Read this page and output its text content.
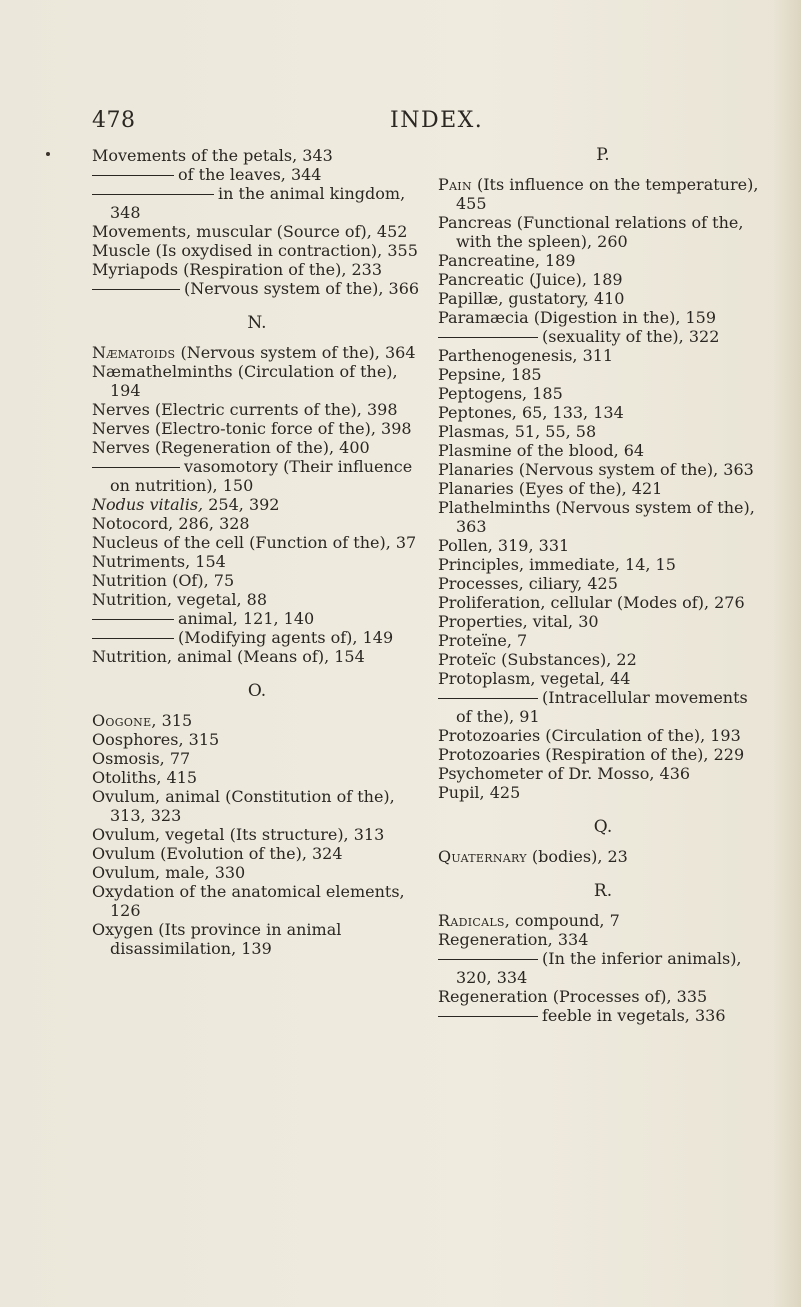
478	INDEX.

Movements of the petals, 343

of the leaves, 344

in the animal kingdom, 348

Movements, muscular (Source of), 452

Muscle (Is oxydised in contraction), 355

Myriapods (Respiration of the), 233

(Nervous system of the), 366

N.

Næmatoids (Nervous system of the), 364

Næmathelminths (Circulation of the), 194

Nerves (Electric currents of the), 398

Nerves (Electro-tonic force of the), 398

Nerves (Regeneration of the), 400

vasomotory (Their influence on nutrition), 150

Nodus vitalis, 254, 392

Notocord, 286, 328

Nucleus of the cell (Function of the), 37

Nutriments, 154

Nutrition (Of), 75

Nutrition, vegetal, 88

animal, 121, 140

(Modifying agents of), 149

Nutrition, animal (Means of), 154

O.

Oogone, 315

Oosphores, 315

Osmosis, 77

Otoliths, 415

Ovulum, animal (Constitution of the), 313, 323

Ovulum, vegetal (Its structure), 313

Ovulum (Evolution of the), 324

Ovulum, male, 330

Oxydation of the anatomical elements, 126

Oxygen (Its province in animal disassimilation, 139

P.

Pain (Its influence on the temperature), 455

Pancreas (Functional relations of the, with the spleen), 260

Pancreatine, 189

Pancreatic (Juice), 189

Papillæ, gustatory, 410

Paramæcia (Digestion in the), 159

(sexuality of the), 322

Parthenogenesis, 311

Pepsine, 185

Peptogens, 185

Peptones, 65, 133, 134

Plasmas, 51, 55, 58

Plasmine of the blood, 64

Planaries (Nervous system of the), 363

Planaries (Eyes of the), 421

Plathelminths (Nervous system of the), 363

Pollen, 319, 331

Principles, immediate, 14, 15

Processes, ciliary, 425

Proliferation, cellular (Modes of), 276

Properties, vital, 30

Proteïne, 7

Proteïc (Substances), 22

Protoplasm, vegetal, 44

(Intracellular movements of the), 91

Protozoaries (Circulation of the), 193

Protozoaries (Respiration of the), 229

Psychometer of Dr. Mosso, 436

Pupil, 425

Q.

Quaternary (bodies), 23

R.

Radicals, compound, 7

Regeneration, 334

(In the inferior animals), 320, 334

Regeneration (Processes of), 335

feeble in vegetals, 336
